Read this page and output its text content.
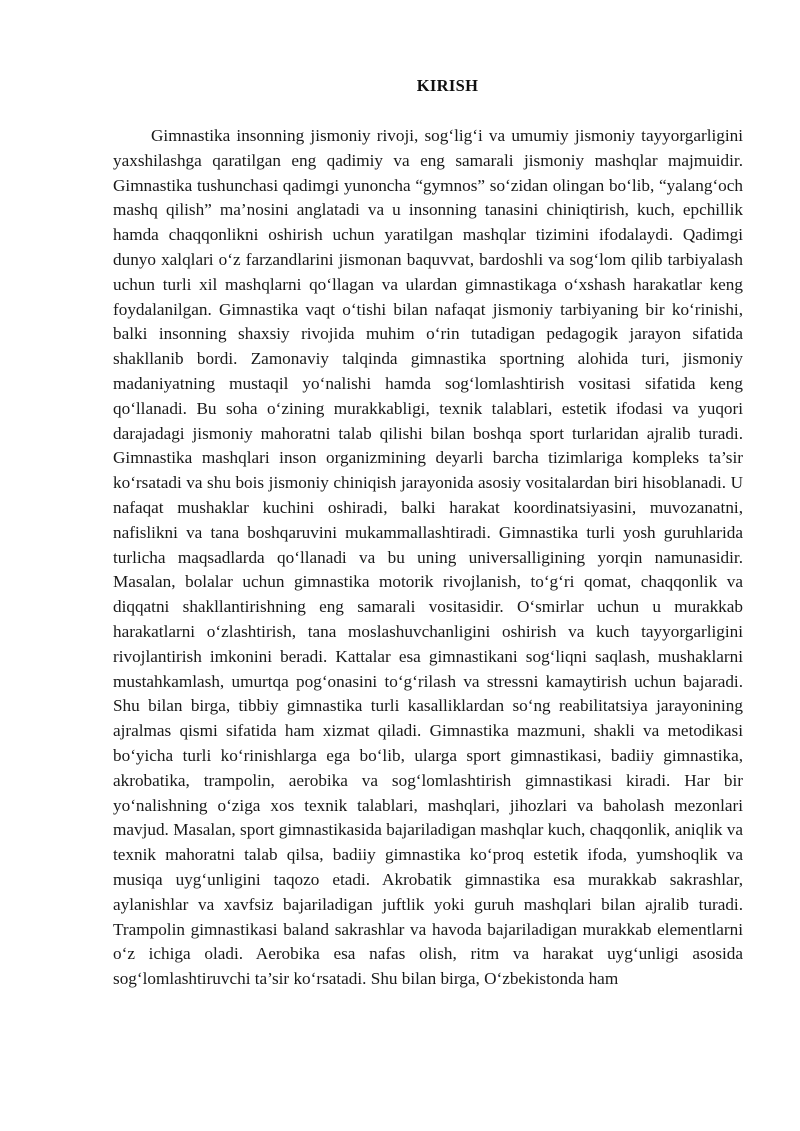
KIRISH

Gimnastika insonning jismoniy rivoji, sog‘lig‘i va umumiy jismoniy tayyorgarligini yaxshilashga qaratilgan eng qadimiy va eng samarali jismoniy mashqlar majmuidir. Gimnastika tushunchasi qadimgi yunoncha “gymnos” so‘zidan olingan bo‘lib, “yalang‘och mashq qilish” ma’nosini anglatadi va u insonning tanasini chiniqtirish, kuch, epchillik hamda chaqqonlikni oshirish uchun yaratilgan mashqlar tizimini ifodalaydi. Qadimgi dunyo xalqlari o‘z farzandlarini jismonan baquvvat, bardoshli va sog‘lom qilib tarbiyalash uchun turli xil mashqlarni qo‘llagan va ulardan gimnastikaga o‘xshash harakatlar keng foydalanilgan. Gimnastika vaqt o‘tishi bilan nafaqat jismoniy tarbiyaning bir ko‘rinishi, balki insonning shaxsiy rivojida muhim o‘rin tutadigan pedagogik jarayon sifatida shakllanib bordi. Zamonaviy talqinda gimnastika sportning alohida turi, jismoniy madaniyatning mustaqil yo‘nalishi hamda sog‘lomlashtirish vositasi sifatida keng qo‘llanadi. Bu soha o‘zining murakkabligi, texnik talablari, estetik ifodasi va yuqori darajadagi jismoniy mahoratni talab qilishi bilan boshqa sport turlaridan ajralib turadi. Gimnastika mashqlari inson organizmining deyarli barcha tizimlariga kompleks ta’sir ko‘rsatadi va shu bois jismoniy chiniqish jarayonida asosiy vositalardan biri hisoblanadi. U nafaqat mushaklar kuchini oshiradi, balki harakat koordinatsiyasini, muvozanatni, nafislikni va tana boshqaruvini mukammallashtiradi. Gimnastika turli yosh guruhlarida turlicha maqsadlarda qo‘llanadi va bu uning universalligining yorqin namunasidir. Masalan, bolalar uchun gimnastika motorik rivojlanish, to‘g‘ri qomat, chaqqonlik va diqqatni shakllantirishning eng samarali vositasidir. O‘smirlar uchun u murakkab harakatlarni o‘zlashtirish, tana moslashuvchanligini oshirish va kuch tayyorgarligini rivojlantirish imkonini beradi. Kattalar esa gimnastikani sog‘liqni saqlash, mushaklarni mustahkamlash, umurtqa pog‘onasini to‘g‘rilash va stressni kamaytirish uchun bajaradi. Shu bilan birga, tibbiy gimnastika turli kasalliklardan so‘ng reabilitatsiya jarayonining ajralmas qismi sifatida ham xizmat qiladi. Gimnastika mazmuni, shakli va metodikasi bo‘yicha turli ko‘rinishlarga ega bo‘lib, ularga sport gimnastikasi, badiiy gimnastika, akrobatika, trampolin, aerobika va sog‘lomlashtirish gimnastikasi kiradi. Har bir yo‘nalishning o‘ziga xos texnik talablari, mashqlari, jihozlari va baholash mezonlari mavjud. Masalan, sport gimnastikasida bajariladigan mashqlar kuch, chaqqonlik, aniqlik va texnik mahoratni talab qilsa, badiiy gimnastika ko‘proq estetik ifoda, yumshoqlik va musiqa uyg‘unligini taqozo etadi. Akrobatik gimnastika esa murakkab sakrashlar, aylanishlar va xavfsiz bajariladigan juftlik yoki guruh mashqlari bilan ajralib turadi. Trampolin gimnastikasi baland sakrashlar va havoda bajariladigan murakkab elementlarni o‘z ichiga oladi. Aerobika esa nafas olish, ritm va harakat uyg‘unligi asosida sog‘lomlashtiruvchi ta’sir ko‘rsatadi. Shu bilan birga, O‘zbekistonda ham
